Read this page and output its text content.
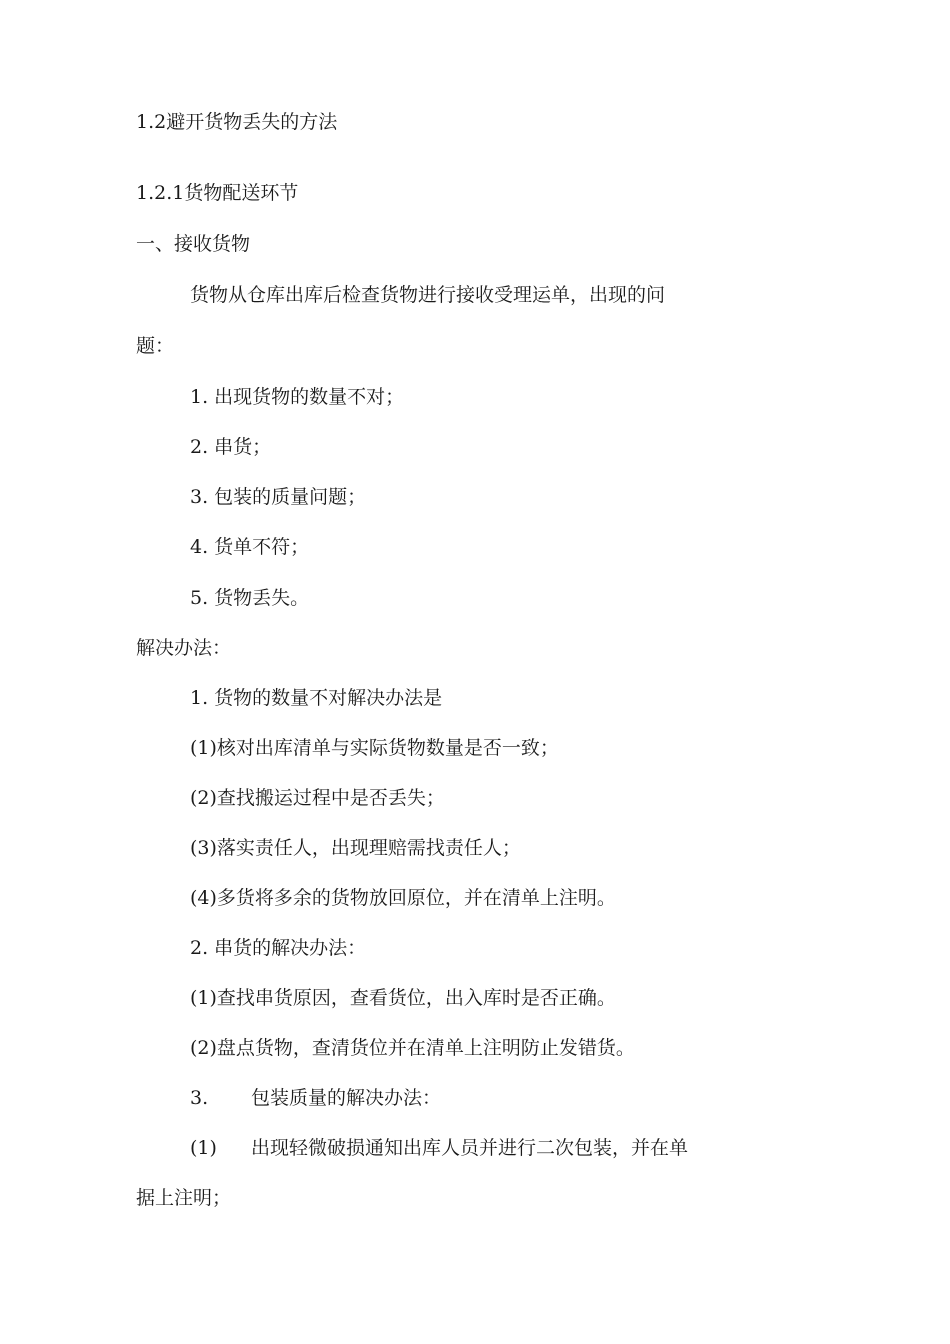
1.2避开货物丢失的方法
1.2.1货物配送环节
一、接收货物
货物从仓库出库后检查货物进行接收受理运单，出现的问
题：
1. 出现货物的数量不对；
2. 串货；
3. 包装的质量问题；
4. 货单不符；
5. 货物丢失。
解决办法：
1. 货物的数量不对解决办法是
(1)核对出库清单与实际货物数量是否一致；
(2)查找搬运过程中是否丢失；
(3)落实责任人，出现理赔需找责任人；
(4)多货将多余的货物放回原位，并在清单上注明。
2. 串货的解决办法：
(1)查找串货原因，查看货位，出入库时是否正确。
(2)盘点货物，查清货位并在清单上注明防止发错货。
3. 包装质量的解决办法：
(1) 出现轻微破损通知出库人员并进行二次包装，并在单
据上注明；
